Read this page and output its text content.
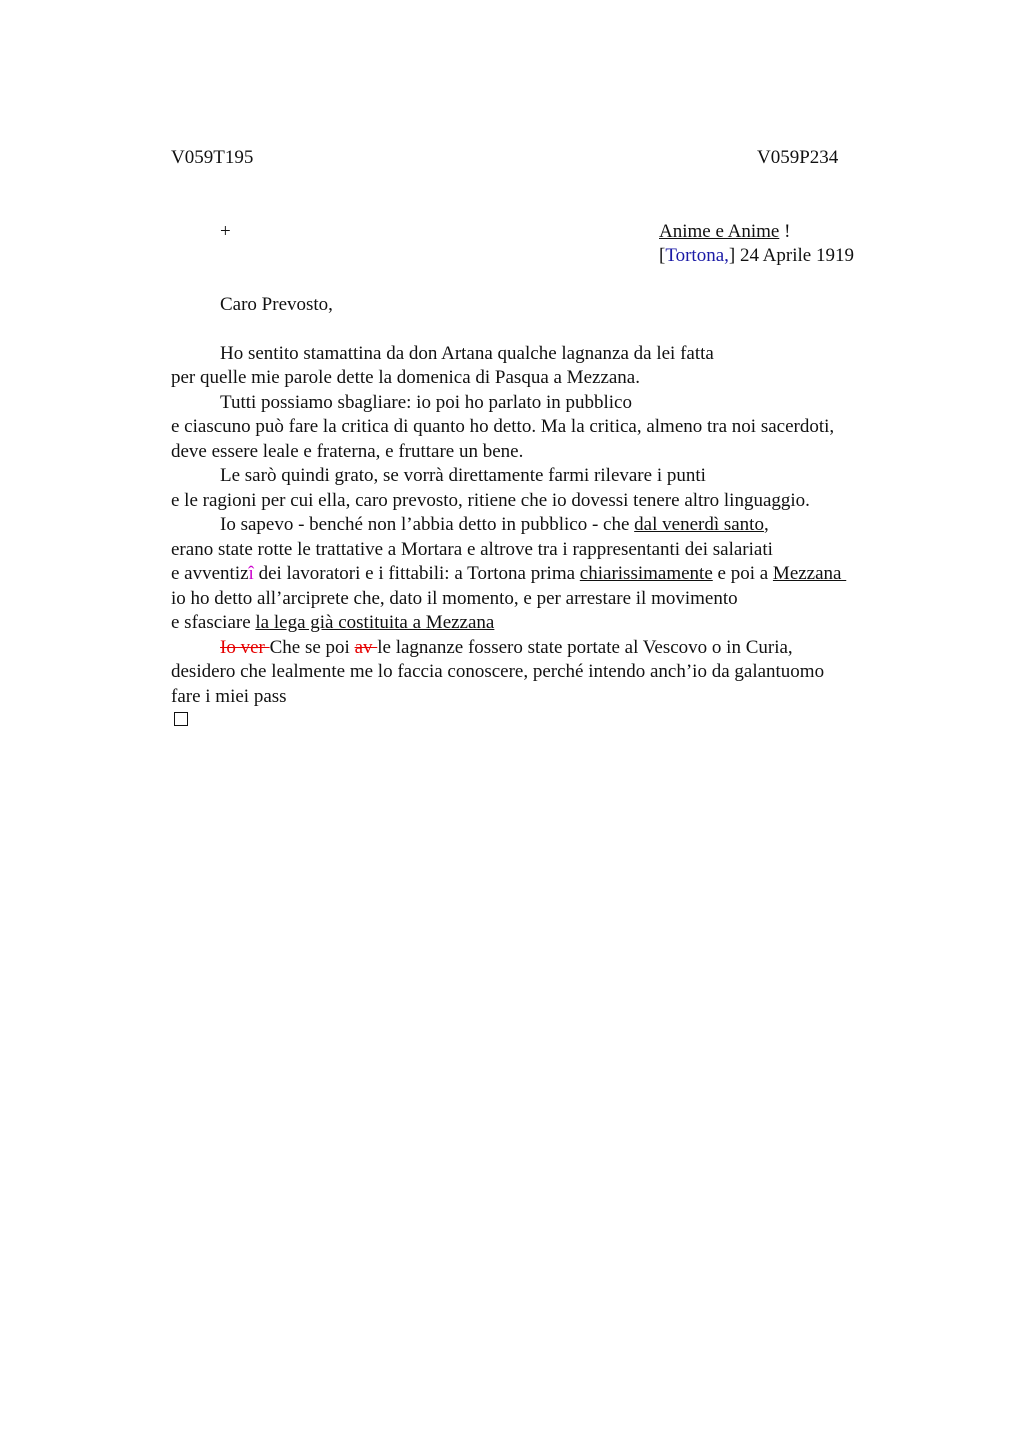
V059T195	V059P234
+	Anime e Anime !
[Tortona,] 24 Aprile 1919
Caro Prevosto,
Ho sentito stamattina da don Artana qualche lagnanza da lei fatta
per quelle mie parole dette la domenica di Pasqua a Mezzana.
Tutti possiamo sbagliare: io poi ho parlato in pubblico
e ciascuno può fare la critica di quanto ho detto. Ma la critica, almeno tra noi sacerdoti,
deve essere leale e fraterna, e fruttare un bene.
Le sarò quindi grato, se vorrà direttamente farmi rilevare i punti
e le ragioni per cui ella, caro prevosto, ritiene che io dovessi tenere altro linguaggio.
Io sapevo - benché non l’abbia detto in pubblico - che dal venerdì santo,
erano state rotte le trattative a Mortara e altrove tra i rappresentanti dei salariati
e avventizî dei lavoratori e i fittabili: a Tortona prima chiarissimamente e poi a Mezzana
io ho detto all’arciprete che, dato il momento, e per arrestare il movimento
e sfasciare la lega già costituita a Mezzana
Io ver Che se poi av le lagnanze fossero state portate al Vescovo o in Curia,
desidero che lealmente me lo faccia conoscere, perché intendo anch’io da galantuomo
fare i miei pass
